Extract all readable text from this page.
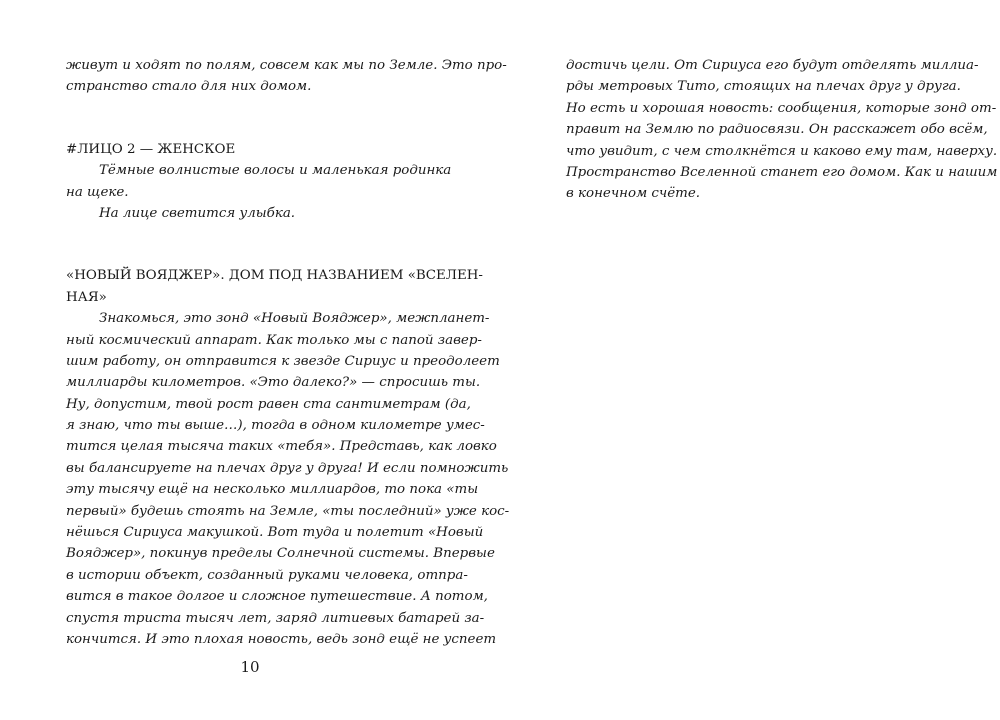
живут и ходят по полям, совсем как мы по Земле. Это про-
странство стало для них домом.
#ЛИЦО 2 — ЖЕНСКОЕ
Тёмные волнистые волосы и маленькая родинка
на щеке.
На лице светится улыбка.
«НОВЫЙ ВОЯДЖЕР». ДОМ ПОД НАЗВАНИЕМ «ВСЕЛЕН-
НАЯ»
Знакомься, это зонд «Новый Вояджер», межпланет-
ный космический аппарат. Как только мы с папой завер-
шим работу, он отправится к звезде Сириус и преодолеет
миллиарды километров. «Это далеко?» — спросишь ты.
Ну, допустим, твой рост равен ста сантиметрам (да,
я знаю, что ты выше…), тогда в одном километре умес-
тится целая тысяча таких «тебя». Представь, как ловко
вы балансируете на плечах друг у друга! И если помножить
эту тысячу ещё на несколько миллиардов, то пока «ты
первый» будешь стоять на Земле, «ты последний» уже кос-
нёшься Сириуса макушкой. Вот туда и полетит «Новый
Вояджер», покинув пределы Солнечной системы. Впервые
в истории объект, созданный руками человека, отпра-
вится в такое долгое и сложное путешествие. А потом,
спустя триста тысяч лет, заряд литиевых батарей за-
кончится. И это плохая новость, ведь зонд ещё не успеет
10
достичь цели. От Сириуса его будут отделять миллиа-
рды метровых Тито, стоящих на плечах друг у друга.
Но есть и хорошая новость: сообщения, которые зонд от-
правит на Землю по радиосвязи. Он расскажет обо всём,
что увидит, с чем столкнётся и каково ему там, наверху.
Пространство Вселенной станет его домом. Как и нашим
в конечном счёте.
